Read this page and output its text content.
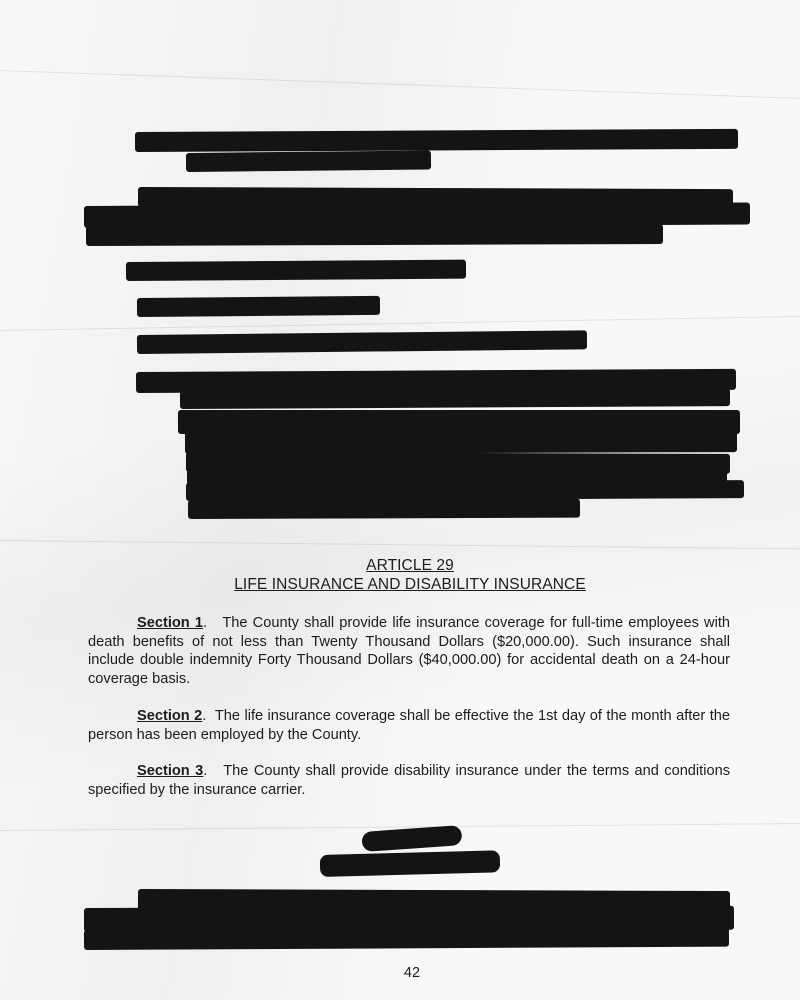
ARTICLE 29
LIFE INSURANCE AND DISABILITY INSURANCE
Section 1.   The County shall provide life insurance coverage for full-time employees with death benefits of not less than Twenty Thousand Dollars ($20,000.00). Such insurance shall include double indemnity Forty Thousand Dollars ($40,000.00) for accidental death on a 24-hour coverage basis.
Section 2.  The life insurance coverage shall be effective the 1st day of the month after the person has been employed by the County.
Section 3.   The County shall provide disability insurance under the terms and conditions specified by the insurance carrier.
42
